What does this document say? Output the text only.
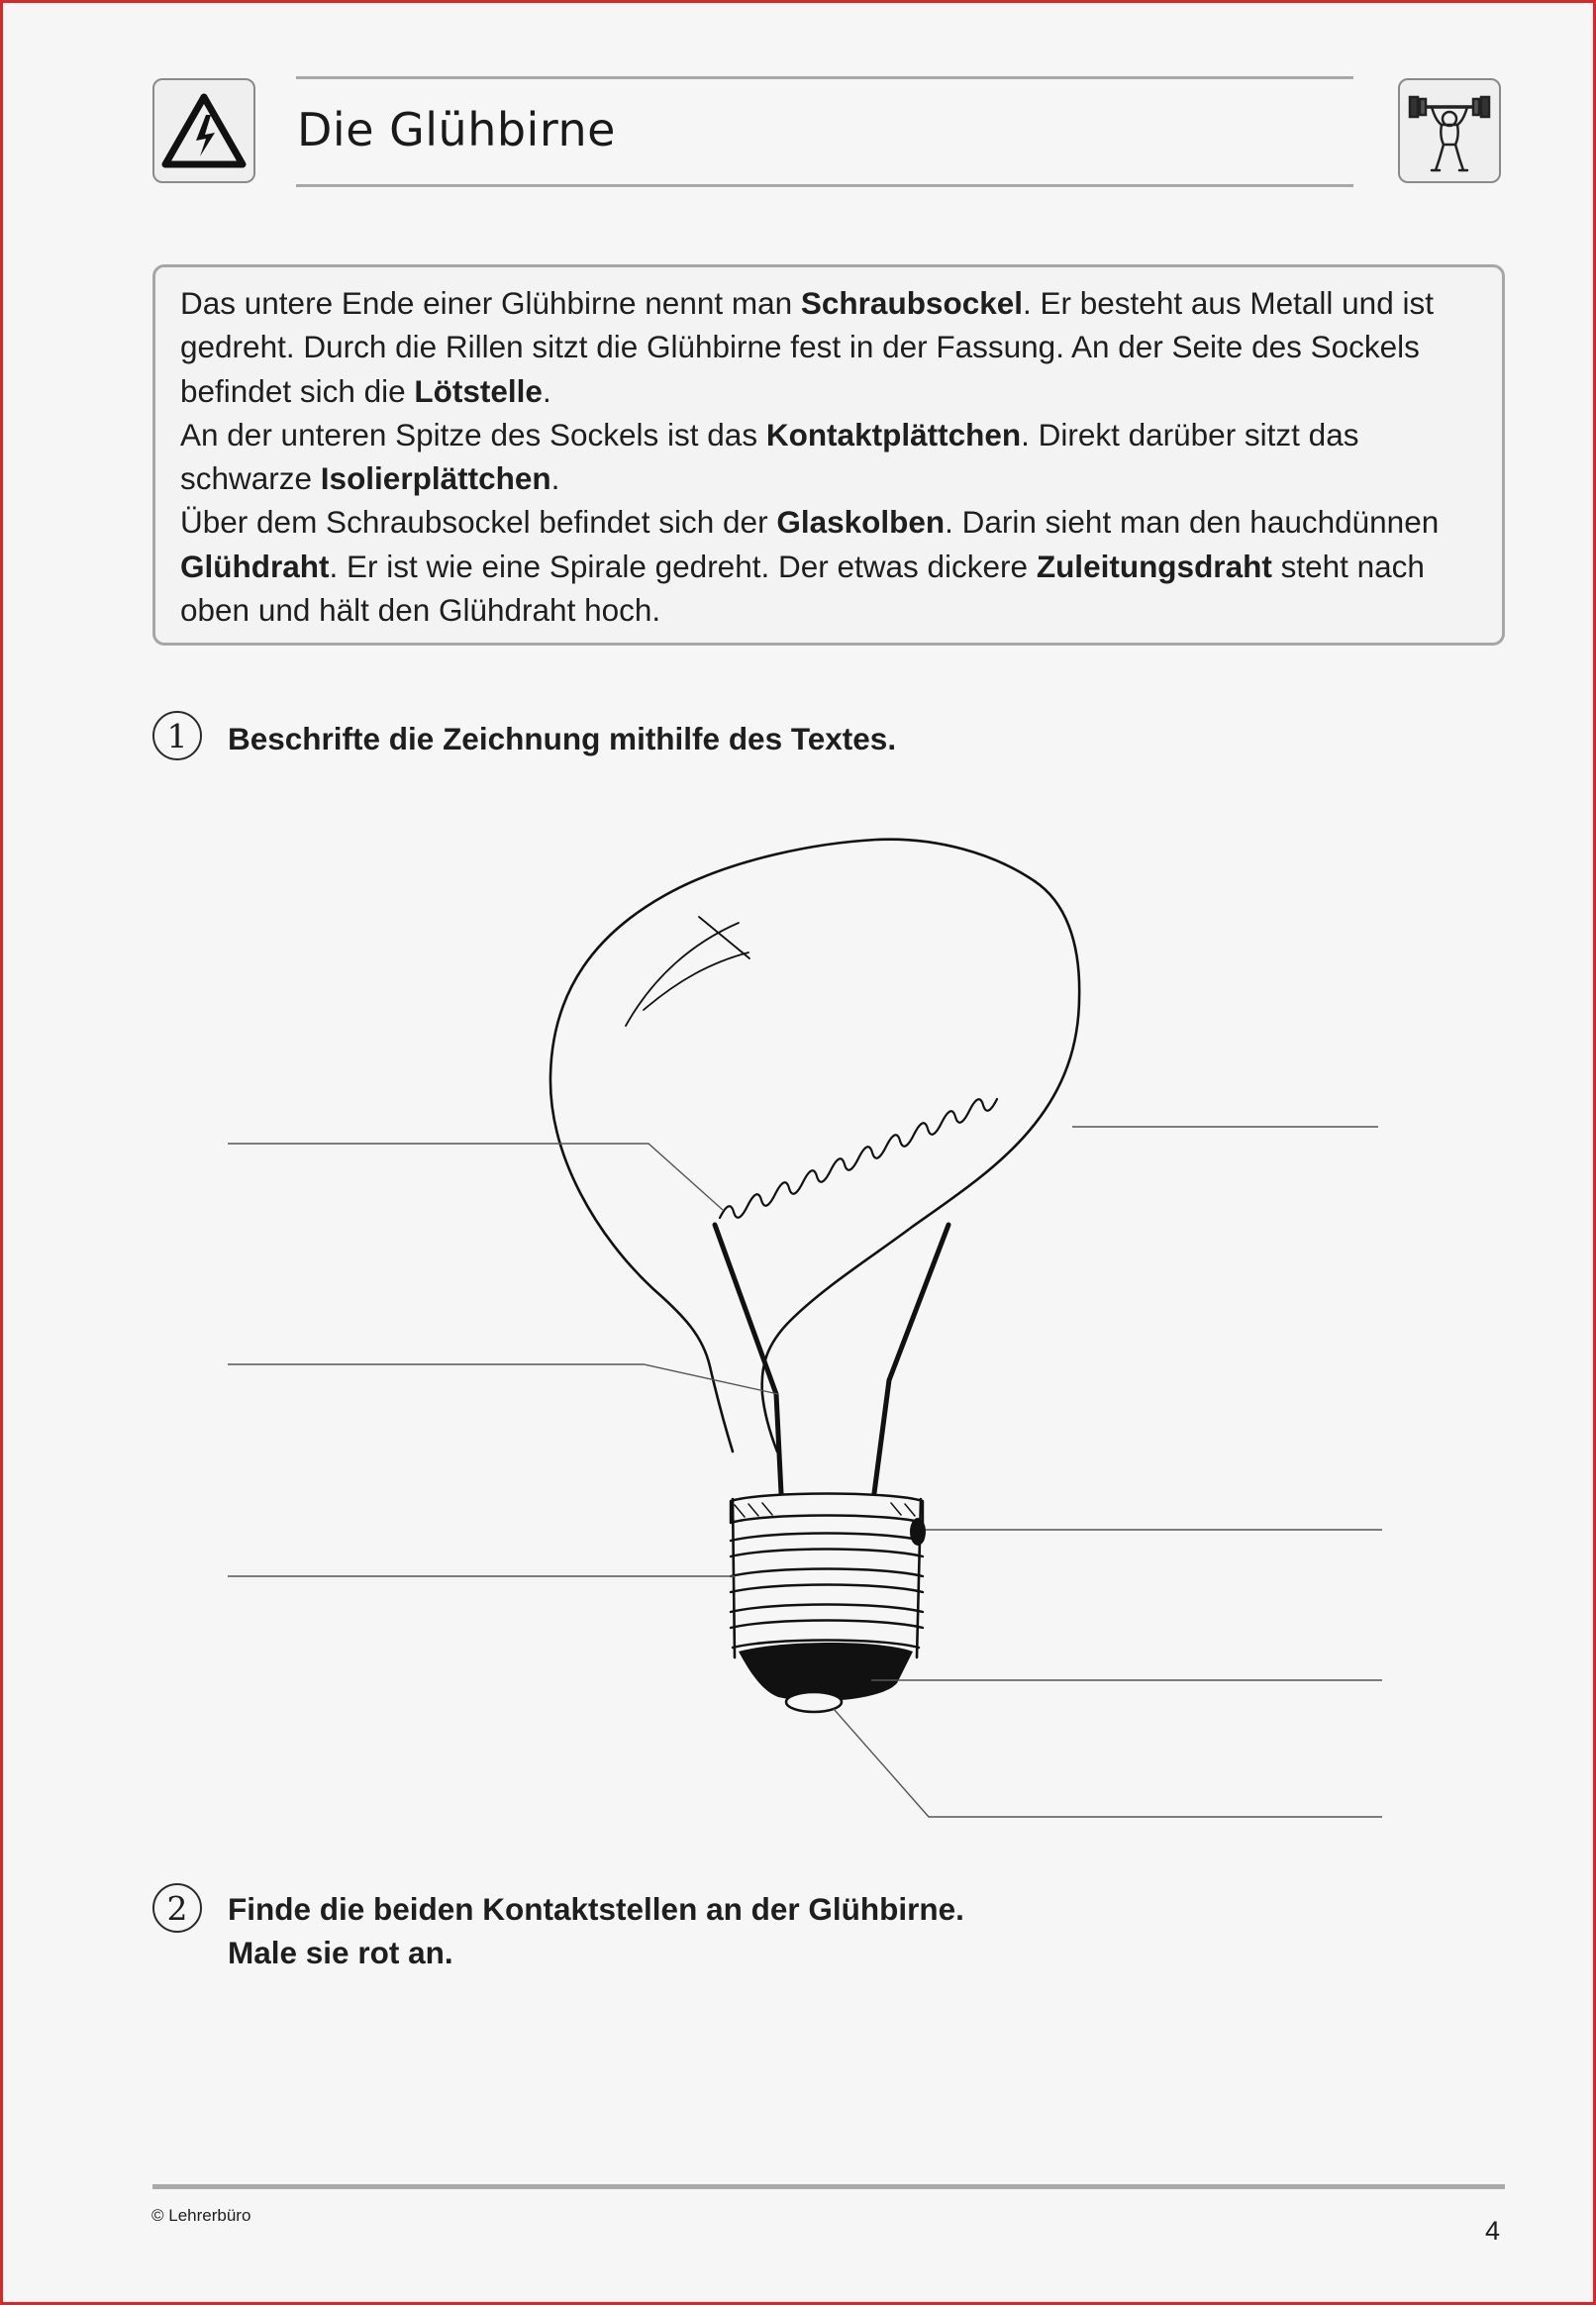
Die Glühbirne

Das untere Ende einer Glühbirne nennt man Schraubsockel. Er besteht aus Metall und ist gedreht. Durch die Rillen sitzt die Glühbirne fest in der Fassung. An der Seite des Sockels befindet sich die Lötstelle.

An der unteren Spitze des Sockels ist das Kontaktplättchen. Direkt darüber sitzt das schwarze Isolierplättchen.

Über dem Schraubsockel befindet sich der Glaskolben. Darin sieht man den hauchdünnen Glühdraht. Er ist wie eine Spirale gedreht. Der etwas dickere Zuleitungsdraht steht nach oben und hält den Glühdraht hoch.

1	Beschrifte die Zeichnung mithilfe des Textes.
2	Finde die beiden Kontaktstellen an der Glühbirne.
Male sie rot an.
© Lehrerbüro
4
